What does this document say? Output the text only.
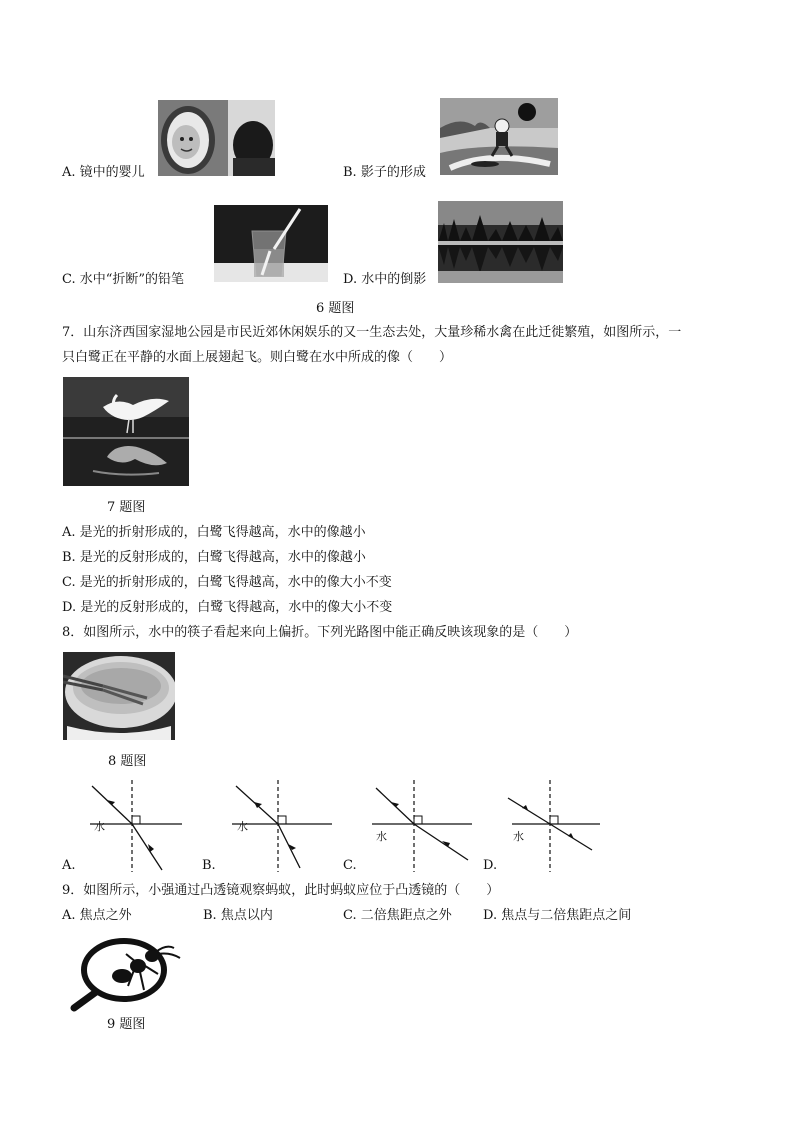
A. 镜中的婴儿	B. 影子的形成
C. 水中“折断”的铅笔	D. 水中的倒影
6 题图
7．山东济西国家湿地公园是市民近郊休闲娱乐的又一生态去处，大量珍稀水禽在此迁徙繁殖，如图所示，一
只白鹭正在平静的水面上展翅起飞。则白鹭在水中所成的像（　　）
7 题图
A. 是光的折射形成的，白鹭飞得越高，水中的像越小
B. 是光的反射形成的，白鹭飞得越高，水中的像越小
C. 是光的折射形成的，白鹭飞得越高，水中的像大小不变
D. 是光的反射形成的，白鹭飞得越高，水中的像大小不变
8．如图所示，水中的筷子看起来向上偏折。下列光路图中能正确反映该现象的是（　　）
8 题图
水
A.
水
B.
水
C.
水
D.
9．如图所示，小强通过凸透镜观察蚂蚁，此时蚂蚁应位于凸透镜的（　　）
A. 焦点之外	B. 焦点以内	C. 二倍焦距点之外 D. 焦点与二倍焦距点之间
9 题图
